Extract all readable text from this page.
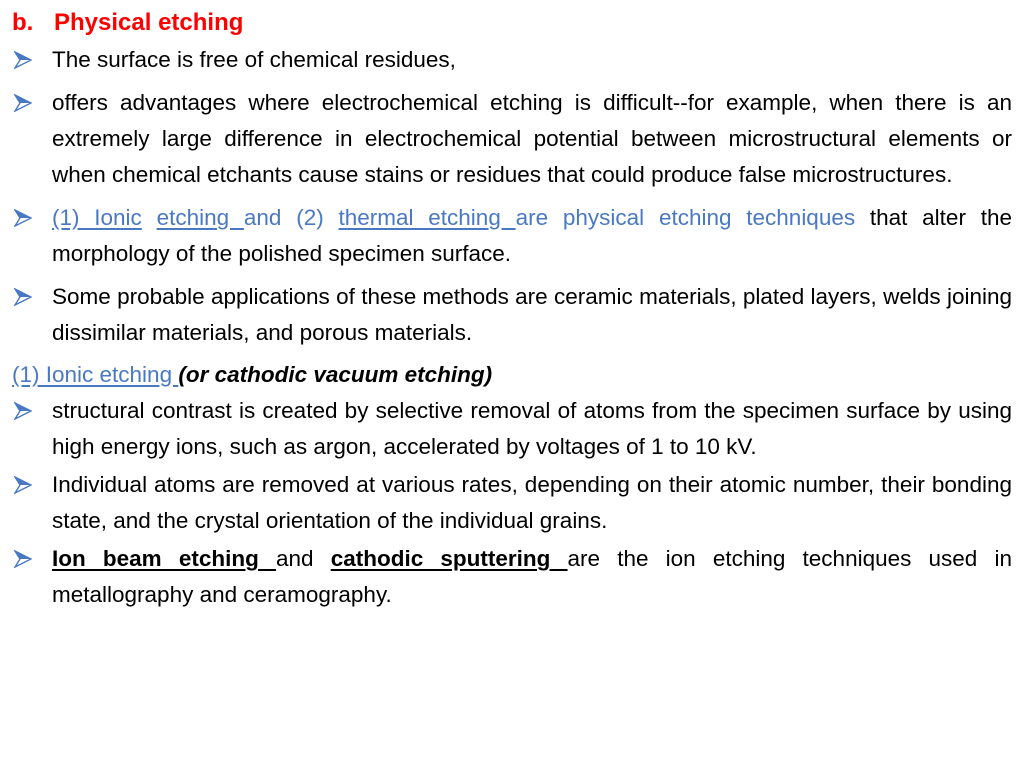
b. Physical etching
The surface is free of chemical residues,
offers advantages where electrochemical etching is difficult--for example, when there is an extremely large difference in electrochemical potential between microstructural elements or when chemical etchants cause stains or residues that could produce false microstructures.
(1) Ionic etching and (2) thermal etching are physical etching techniques that alter the morphology of the polished specimen surface.
Some probable applications of these methods are ceramic materials, plated layers, welds joining dissimilar materials, and porous materials.
(1) Ionic etching (or cathodic vacuum etching)
structural contrast is created by selective removal of atoms from the specimen surface by using high energy ions, such as argon, accelerated by voltages of 1 to 10 kV.
Individual atoms are removed at various rates, depending on their atomic number, their bonding state, and the crystal orientation of the individual grains.
Ion beam etching and cathodic sputtering are the ion etching techniques used in metallography and ceramography.
